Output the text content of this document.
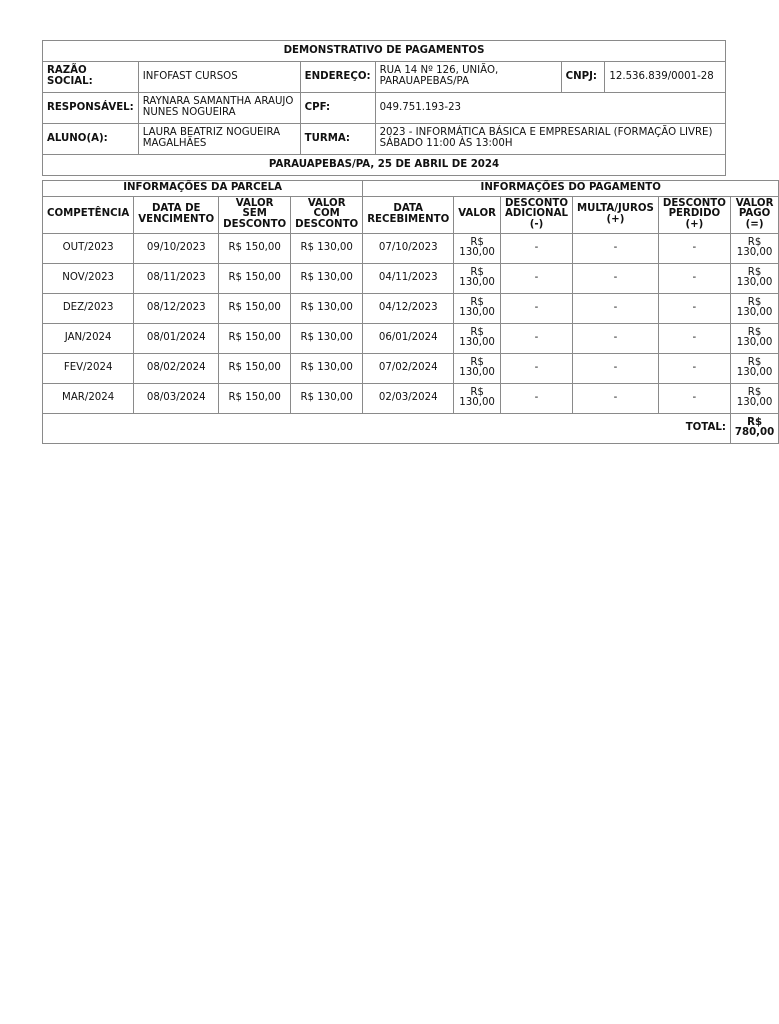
DEMONSTRATIVO DE PAGAMENTOS					
RAZÃO SOCIAL:	INFOFAST CURSOS	ENDEREÇO:	RUA 14 Nº 126, UNIÃO, PARAUAPEBAS/PA	CNPJ:	12.536.839/0001-28
RESPONSÁVEL:	RAYNARA SAMANTHA ARAUJO NUNES NOGUEIRA	CPF:	049.751.193-23		
ALUNO(A):	LAURA BEATRIZ NOGUEIRA MAGALHÃES	TURMA:	2023 - INFORMÁTICA BÁSICA E EMPRESARIAL (FORMAÇÃO LIVRE) SÁBADO 11:00 ÀS 13:00H		
PARAUAPEBAS/PA, 25 DE ABRIL DE 2024					
INFORMAÇÕES DA PARCELA				INFORMAÇÕES DO PAGAMENTO					
COMPETÊNCIA	DATA DE VENCIMENTO	VALOR SEM DESCONTO	VALOR COM DESCONTO	DATA RECEBIMENTO	VALOR	DESCONTO ADICIONAL (-)	MULTA/JUROS (+)	DESCONTO PERDIDO (+)	VALOR PAGO (=)
OUT/2023	09/10/2023	R$ 150,00	R$ 130,00	07/10/2023	R$ 130,00	-	-	-	R$ 130,00
NOV/2023	08/11/2023	R$ 150,00	R$ 130,00	04/11/2023	R$ 130,00	-	-	-	R$ 130,00
DEZ/2023	08/12/2023	R$ 150,00	R$ 130,00	04/12/2023	R$ 130,00	-	-	-	R$ 130,00
JAN/2024	08/01/2024	R$ 150,00	R$ 130,00	06/01/2024	R$ 130,00	-	-	-	R$ 130,00
FEV/2024	08/02/2024	R$ 150,00	R$ 130,00	07/02/2024	R$ 130,00	-	-	-	R$ 130,00
MAR/2024	08/03/2024	R$ 150,00	R$ 130,00	02/03/2024	R$ 130,00	-	-	-	R$ 130,00
TOTAL:									R$ 780,00
